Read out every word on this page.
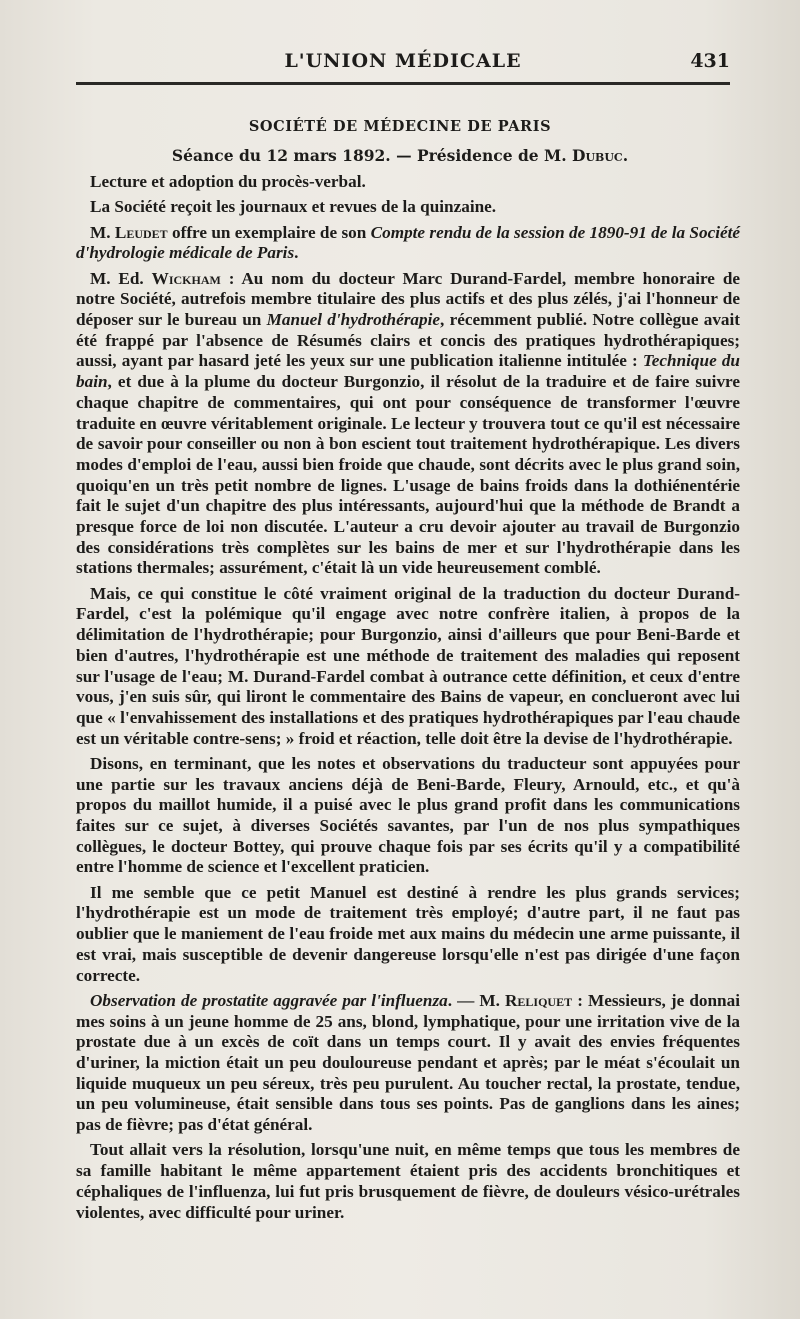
L'UNION MÉDICALE	431
SOCIÉTÉ DE MÉDECINE DE PARIS
Séance du 12 mars 1892. — Présidence de M. Dubuc.

Lecture et adoption du procès-verbal.

La Société reçoit les journaux et revues de la quinzaine.

M. Leudet offre un exemplaire de son Compte rendu de la session de 1890-91 de la Société d'hydrologie médicale de Paris.

M. Ed. Wickham : Au nom du docteur Marc Durand-Fardel, membre honoraire de notre Société, autrefois membre titulaire des plus actifs et des plus zélés, j'ai l'honneur de déposer sur le bureau un Manuel d'hydrothérapie, récemment publié. Notre collègue avait été frappé par l'absence de Résumés clairs et concis des pratiques hydrothérapiques; aussi, ayant par hasard jeté les yeux sur une publication italienne intitulée : Technique du bain, et due à la plume du docteur Burgonzio, il résolut de la traduire et de faire suivre chaque chapitre de commentaires, qui ont pour conséquence de transformer l'œuvre traduite en œuvre véritablement originale. Le lecteur y trouvera tout ce qu'il est nécessaire de savoir pour conseiller ou non à bon escient tout traitement hydrothérapique. Les divers modes d'emploi de l'eau, aussi bien froide que chaude, sont décrits avec le plus grand soin, quoiqu'en un très petit nombre de lignes. L'usage de bains froids dans la dothiénentérie fait le sujet d'un chapitre des plus intéressants, aujourd'hui que la méthode de Brandt a presque force de loi non discutée. L'auteur a cru devoir ajouter au travail de Burgonzio des considérations très complètes sur les bains de mer et sur l'hydrothérapie dans les stations thermales; assurément, c'était là un vide heureusement comblé.

Mais, ce qui constitue le côté vraiment original de la traduction du docteur Durand-Fardel, c'est la polémique qu'il engage avec notre confrère italien, à propos de la délimitation de l'hydrothérapie; pour Burgonzio, ainsi d'ailleurs que pour Beni-Barde et bien d'autres, l'hydrothérapie est une méthode de traitement des maladies qui reposent sur l'usage de l'eau; M. Durand-Fardel combat à outrance cette définition, et ceux d'entre vous, j'en suis sûr, qui liront le commentaire des Bains de vapeur, en conclueront avec lui que « l'envahissement des installations et des pratiques hydrothérapiques par l'eau chaude est un véritable contre-sens; » froid et réaction, telle doit être la devise de l'hydrothérapie.

Disons, en terminant, que les notes et observations du traducteur sont appuyées pour une partie sur les travaux anciens déjà de Beni-Barde, Fleury, Arnould, etc., et qu'à propos du maillot humide, il a puisé avec le plus grand profit dans les communications faites sur ce sujet, à diverses Sociétés savantes, par l'un de nos plus sympathiques collègues, le docteur Bottey, qui prouve chaque fois par ses écrits qu'il y a compatibilité entre l'homme de science et l'excellent praticien.

Il me semble que ce petit Manuel est destiné à rendre les plus grands services; l'hydrothérapie est un mode de traitement très employé; d'autre part, il ne faut pas oublier que le maniement de l'eau froide met aux mains du médecin une arme puissante, il est vrai, mais susceptible de devenir dangereuse lorsqu'elle n'est pas dirigée d'une façon correcte.

Observation de prostatite aggravée par l'influenza. — M. Reliquet : Messieurs, je donnai mes soins à un jeune homme de 25 ans, blond, lymphatique, pour une irritation vive de la prostate due à un excès de coït dans un temps court. Il y avait des envies fréquentes d'uriner, la miction était un peu douloureuse pendant et après; par le méat s'écoulait un liquide muqueux un peu séreux, très peu purulent. Au toucher rectal, la prostate, tendue, un peu volumineuse, était sensible dans tous ses points. Pas de ganglions dans les aines; pas de fièvre; pas d'état général.

Tout allait vers la résolution, lorsqu'une nuit, en même temps que tous les membres de sa famille habitant le même appartement étaient pris des accidents bronchitiques et céphaliques de l'influenza, lui fut pris brusquement de fièvre, de douleurs vésico-urétrales violentes, avec difficulté pour uriner.
